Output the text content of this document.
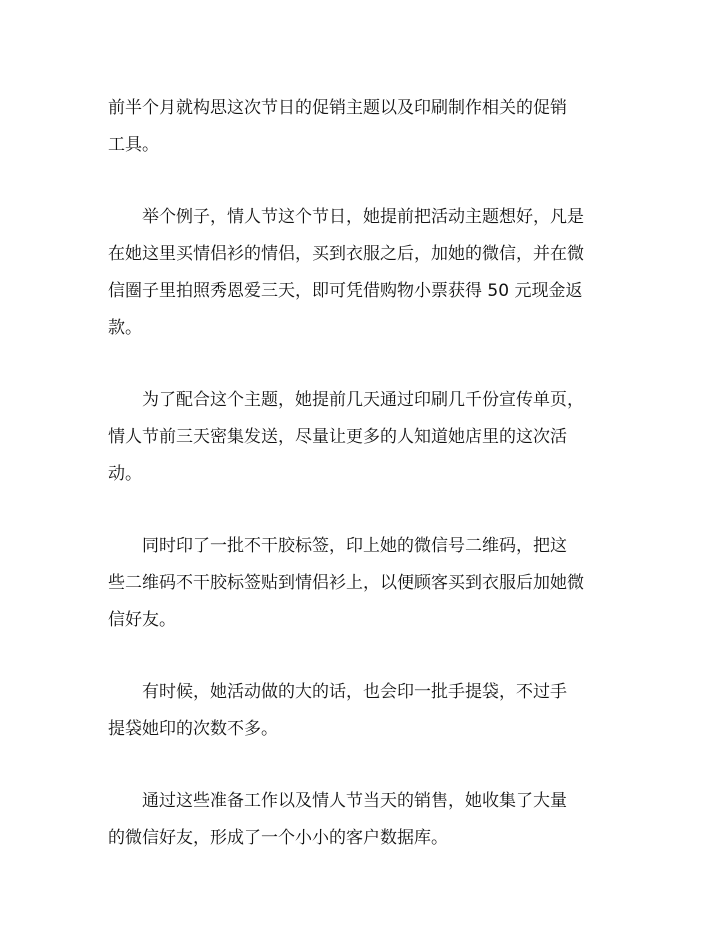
前半个月就构思这次节日的促销主题以及印刷制作相关的促销
工具。

举个例子，情人节这个节日，她提前把活动主题想好，凡是
在她这里买情侣衫的情侣，买到衣服之后，加她的微信，并在微
信圈子里拍照秀恩爱三天，即可凭借购物小票获得 50 元现金返
款。

为了配合这个主题，她提前几天通过印刷几千份宣传单页，
情人节前三天密集发送，尽量让更多的人知道她店里的这次活
动。

同时印了一批不干胶标签，印上她的微信号二维码，把这
些二维码不干胶标签贴到情侣衫上，以便顾客买到衣服后加她微
信好友。

有时候，她活动做的大的话，也会印一批手提袋，不过手
提袋她印的次数不多。

通过这些准备工作以及情人节当天的销售，她收集了大量
的微信好友，形成了一个小小的客户数据库。
